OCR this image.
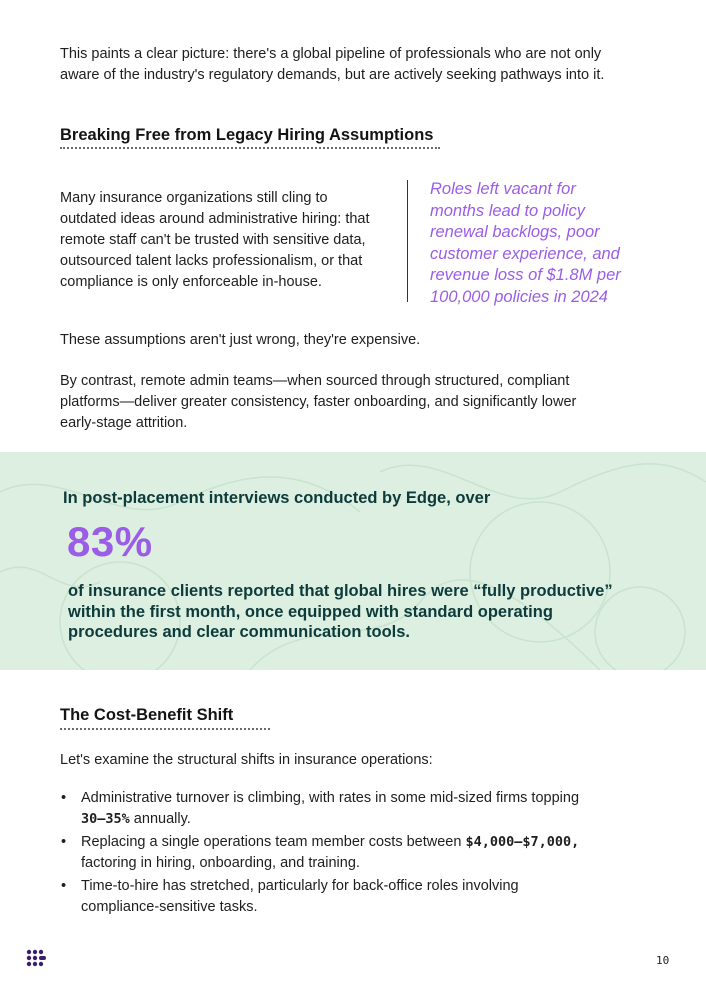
This paints a clear picture: there's a global pipeline of professionals who are not only

aware of the industry's regulatory demands, but are actively seeking pathways into it.

Breaking Free from Legacy Hiring Assumptions

Many insurance organizations still cling to

outdated ideas around administrative hiring: that

remote staff can't be trusted with sensitive data,

outsourced talent lacks professionalism, or that

compliance is only enforceable in-house.

Roles left vacant for
months lead to policy
renewal backlogs, poor
customer experience, and
revenue loss of $1.8M per
100,000 policies in 2024

These assumptions aren't just wrong, they're expensive.

By contrast, remote admin teams—when sourced through structured, compliant

platforms—deliver greater consistency, faster onboarding, and significantly lower

early-stage attrition.

In post-placement interviews conducted by Edge, over
83%
of insurance clients reported that global hires were “fully productive”
within the first month, once equipped with standard operating
procedures and clear communication tools.

The Cost-Benefit Shift

Let's examine the structural shifts in insurance operations:

• Administrative turnover is climbing, with rates in some mid-sized firms topping
30–35% annually.
• Replacing a single operations team member costs between $4,000–$7,000,
factoring in hiring, onboarding, and training.
• Time-to-hire has stretched, particularly for back-office roles involving
compliance-sensitive tasks.
10
